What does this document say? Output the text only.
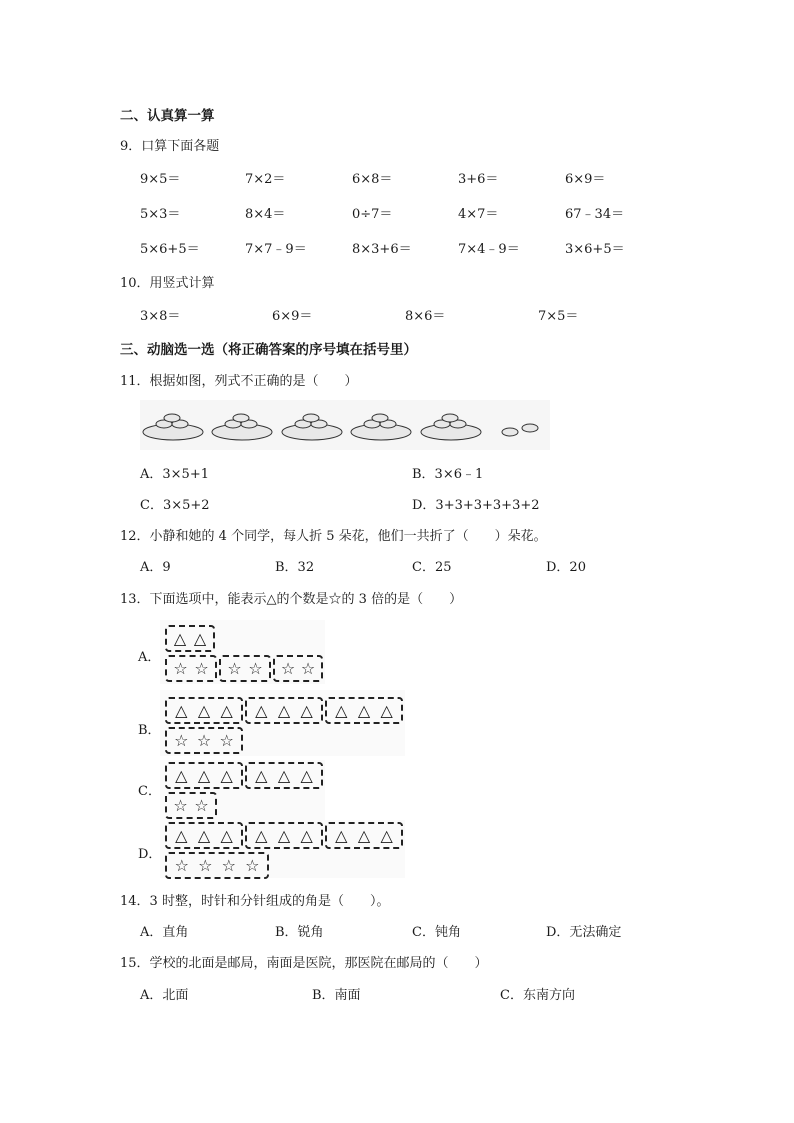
二、认真算一算
9．口算下面各题
9×5＝	7×2＝	6×8＝	3+6＝	6×9＝
5×3＝	8×4＝	0÷7＝	4×7＝	67﹣34＝
5×6+5＝	7×7﹣9＝	8×3+6＝	7×4﹣9＝	3×6+5＝
10．用竖式计算
3×8＝	6×9＝	8×6＝	7×5＝
三、动脑选一选（将正确答案的序号填在括号里）
11．根据如图，列式不正确的是（　　）
A．3×5+1	B．3×6﹣1
C．3×5+2	D．3+3+3+3+3+2
12．小静和她的 4 个同学，每人折 5 朵花，他们一共折了（　　）朵花。
A．9	B．32	C．25	D．20
13．下面选项中，能表示△的个数是☆的 3 倍的是（　　）
A．
△ △
☆ ☆ ☆ ☆ ☆ ☆
B．
△ △ △ △ △ △ △ △ △
☆ ☆ ☆
C．
△ △ △ △ △ △
☆ ☆
D．
△ △ △ △ △ △ △ △ △
☆ ☆ ☆ ☆
14．3 时整，时针和分针组成的角是（　　）。
A．直角	B．锐角	C．钝角	D．无法确定
15．学校的北面是邮局，南面是医院，那医院在邮局的（　　）
A．北面	B．南面	C．东南方向
